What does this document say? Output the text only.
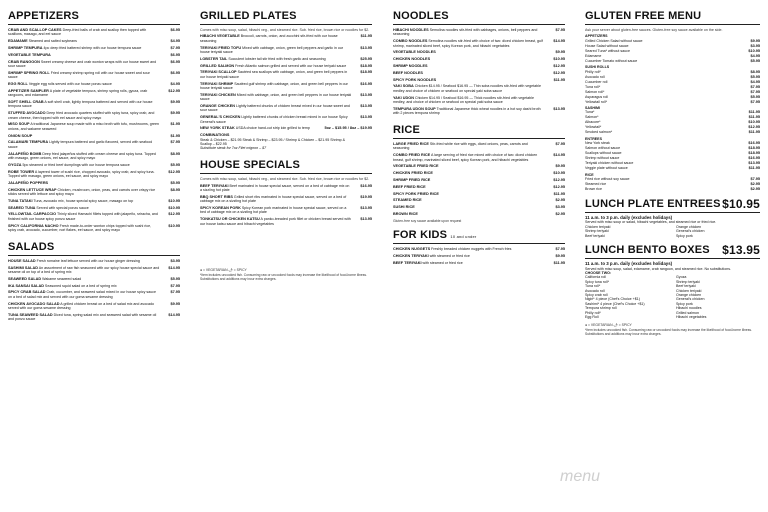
APPETIZERS
CRAB AND SCALLOP CAKES Deep-fried balls of crab and scallop then topped with scallions, masago, and eel sauce
$6.95
EDAMAME Steamed and salted soybeans	$4.95
SHRIMP TEMPURA 4pc deep fried battered shrimp with our house tempura sauce	$7.95
VEGETABLE TEMPURA	$6.95
CRAB RANGOON Sweet creamy cheese and crab wonton wraps with our house sweet and sour sauce
$6.95
SHRIMP SPRING ROLL Fried creamy shrimp spring roll with our house sweet and sour sauce
$6.95
EGG ROLL Veggie egg rolls served with our house ponzu sauce	$4.95
APPETIZER SAMPLER A plate of vegetable tempura, shrimp spring rolls, gyoza, crab rangoons, and edamame
$12.95
SOFT SHELL CRAB A soft shell crab, lightly tempura battered and served with our house tempura sauce
$9.95
STUFFED AVOCADO Deep fried avocado quarters stuffed with spicy tuna, spicy crab, and cream cheese, then topped with eel sauce and spicy mayo
$9.95
MISO SOUP A traditional Japanese soup made with a miso broth with tofu, mushrooms, green onions, and wakame seaweed
$1.95
ONION SOUP	$1.95
CALAMARI TEMPURA Lightly tempura battered and garlic flavored, served with seafood sauce
$7.95
JALAPEÑO BOMB Deep fried jalapeños stuffed with cream cheese and spicy tuna. Topped with masago, green onions, eel sauce, and spicy mayo
$8.95
GYOZA 5pc steamed or fried beef dumplings with our house tempura sauce	$5.95
ROBE TOWER A layered tower of sushi rice, chopped avocado, spicy crab, and spicy tuna. Topped with masago, green onions, eel sauce, and spicy mayo
$12.95
JALAPEÑO POPPERS	$5.95
CHICKEN LETTUCE WRAP Chicken, mushroom, onion, peas, and carrots over crispy rice sticks served with lettuce and spicy mayo
$8.95
TUNA TATAKI Tuna, avocado mix, house special spicy sauce, masago on top	$10.95
SEARED TUNA Served with special ponzu sauce	$10.95
YELLOWTAIL CARPACCIO Thinly sliced Hamachi fillets topped with jalapeño, sriracha, and finished with our house spicy ponzu sauce
$12.95
SPICY CALIFORNIA NACHO Fresh made-to-order wonton chips topped with sushi rice, spicy crab, avocado, cucumber, nori flakes, eel sauce, and spicy mayo
$10.95
SALADS
HOUSE SALAD Fresh romaine leaf lettuce served with our house ginger dressing	$3.95
SASHIMI SALAD An assortment of raw fish seasoned with our spicy house special sauce and sesame oil on top of a bed of spring mix
$14.95
SEAWEED SALAD Wakame seaweed salad	$5.95
IKA SANSAI SALAD Seasoned squid salad on a bed of spring mix	$7.95
SPICY CRAB SALAD Crab, cucumber, and seaweed salad mixed in our house spicy sauce on a bed of salad mix and served with our goma sesame dressing
$7.95
CHICKEN AVOCADO SALAD A grilled chicken breast on a bed of salad mix and avocado served with our goma sesame dressing
$9.95
TUNA SEAWEED SALAD Diced tuna, spring salad mix and seaweed salad with sesame oil and ponzu sauce
$14.95
GRILLED PLATES
Comes with miso soup, salad, hibachi veg., and steamed rice. Sub. fried rice, brown rice or noodles for $2.
HIBACHI VEGETABLE Broccoli, carrots, onion, and zucchini stir-fried with our house seasoning
$11.95
TERIYAKI FRIED TOFU Mixed with cabbage, onion, green bell peppers and garlic in our house teriyaki sauce
$13.95
LOBSTER TAIL Succulent lobster tail stir fried with fresh garlic and seasoning	$25.95
GRILLED SALMON Fresh Atlantic salmon grilled and served with our house teriyaki sauce	$18.95
TERIYAKI SCALLOP Sautéed sea scallops with cabbage, onion, and green bell peppers in our house teriyaki sauce
$18.95
TERIYAKI SHRIMP Sautéed gulf shrimp with cabbage, onion, and green bell peppers in our house teriyaki sauce
$16.95
TERIYAKI CHICKEN Mixed with cabbage, onion, and green bell peppers in our house teriyaki sauce
$13.95
ORANGE CHICKEN Lightly battered chunks of chicken breast mixed in our house sweet and sour sauce
$13.95
GENERAL'S CHICKEN Lightly battered chunks of chicken breast mixed in our house Spicy General's sauce
$13.95
NEW YORK STEAK USDA choice hand-cut strip loin grilled to temp	5oz – $15.95 / 8oz – $19.95
COMBINATIONS
Steak & Chicken – $21.95 Steak & Shrimp – $23.95 / Shrimp & Chicken – $21.95 Shrimp & Scallop – $22.95
Substitute steak for 7oz Filet mignon – $7
HOUSE SPECIALS
Comes with miso soup, salad, hibachi veg., and steamed rice. Sub. fried rice, brown rice or noodles for $2.
BEEF TERIYAKI Beef marinated in house special sauce, served on a bed of cabbage mix on a sizzling hot plate
$16.95
BBQ SHORT RIBS Grilled short ribs marinated in house special sauce, served on a bed of cabbage mix on a sizzling hot plate
$19.95
SPICY KOREAN PORK Spicy Korean pork marinated in house special sauce, served on a bed of cabbage mix on a sizzling hot plate
$13.95
TONKATSU OR CHICKEN KATSU A panko-breaded pork fillet or chicken breast served with our house katsu sauce and hibachi vegetables
$13.95
● = VEGETARIAN 🌶 = SPICY
*Item includes uncooked fish. Consuming raw or uncooked foods may increase the likelihood of food-borne illness. Substitutions and additions may incur extra charges.
NOODLES
HIBACHI NOODLES Semolina noodles stir-fried with cabbages, onions, bell peppers and seasoning
$7.95
COMBO NOODLES Semolina noodles stir-fried with choice of two: diced chicken breast, gulf shrimp, marinated sliced beef, spicy Korean pork, and hibachi vegetables
$14.95
VEGETABLE NOODLES	$9.95
CHICKEN NOODLES	$10.95
SHRIMP NOODLES	$12.95
BEEF NOODLES	$12.95
SPICY PORK NOODLES	$11.95
YAKI SOBA Chicken $14.95 / Seafood $16.95 — Thin soba noodles stir-fried with vegetable medley and choice of chicken or seafood on special yaki soba sauce
YAKI UDON Chicken $14.95 / Seafood $16.95 — Thick noodles stir-fried with vegetable medley, and choice of chicken or seafood on special yaki soba sauce
TEMPURA UDON SOUP Traditional Japanese thick wheat noodles in a hot soy dashi broth with 2 pieces tempura shrimp
$13.95
RICE
LARGE FRIED RICE Stir-fried white rice with eggs, diced onions, peas, carrots and seasoning
$7.95
COMBO FRIED RICE A large serving of fried rice mixed with choice of two: diced chicken breast, gulf shrimp, marinated sliced beef, spicy Korean pork, and hibachi vegetables
$14.95
VEGETABLE FRIED RICE	$9.95
CHICKEN FRIED RICE	$10.95
SHRIMP FRIED RICE	$12.95
BEEF FRIED RICE	$12.95
SPICY PORK FRIED RICE	$11.95
STEAMED RICE	$2.95
SUSHI RICE	$3.95
BROWN RICE	$2.95
Gluten-free soy sauce available upon request
FOR KIDS 10 and under
CHICKEN NUGGETS Freshly breaded chicken nuggets with French fries	$7.95
CHICKEN TERIYAKI with steamed or fried rice	$9.95
BEEF TERIYAKI with steamed or fried rice	$11.95
GLUTEN FREE MENU
Ask your server about gluten-free sauces. Gluten-free soy sauce available on the side.
APPETIZERS
Grilled Chicken Salad without sauce	$9.95
House Salad without sauce	$3.95
Seared Tuna* without sauce	$10.95
Edamame	$4.95
Cucumber Tomato without sauce	$5.95
SUSHI ROLLS
Philly roll*	$8.95
Avocado roll	$5.95
Cucumber roll	$4.95
Tuna roll*	$7.95
Salmon roll*	$7.95
Asparagus roll	$5.95
Yellowtail roll*	$7.95
SASHIMI
Tuna*	$11.95
Salmon*	$11.95
Albacore*	$10.95
Yellowtail*	$12.95
Smoked salmon*	$11.95
ENTREES
New York steak	$16.95
Salmon without sauce	$18.95
Scallops without sauce	$18.95
Shrimp without sauce	$16.95
Teriyaki chicken without sauce	$13.95
Veggie plate without sauce	$11.95
RICE
Fried rice without soy sauce	$7.95
Steamed rice	$2.95
Brown rice	$2.95
LUNCH PLATE ENTREES $10.95
11 a.m. to 3 p.m. daily (excludes holidays)
Served with miso soup or salad, hibachi vegetables, and steamed rice or fried rice.
Chicken teriyaki
Shrimp teriyaki
Beef teriyaki
Orange chicken
General's chicken
Spicy pork
LUNCH BENTO BOXES $13.95
11 a.m. to 3 p.m. daily (excludes holidays)
Served with miso soup, salad, edamame, crab rangoon, and steamed rice. No substitutions.
CHOOSE TWO:
California roll
Spicy tuna roll*
Tuna roll*
Avocado roll
Spicy crab roll
Nigiri* 4 piece (Chef's Choice +$1)
Sashimi* 4 piece (Chef's Choice +$1)
Tempura shrimp roll
Philly roll*
Egg Roll
Gyoza
Shrimp teriyaki
Beef teriyaki
Chicken teriyaki
Orange chicken
General's chicken
Spicy pork
Hibachi noodles
Grilled salmon
Hibachi vegetables
● = VEGETARIAN 🌶 = SPICY
*Item includes uncooked fish. Consuming raw or uncooked foods may increase the likelihood of food-borne illness. Substitutions and additions may incur extra charges.
menu
